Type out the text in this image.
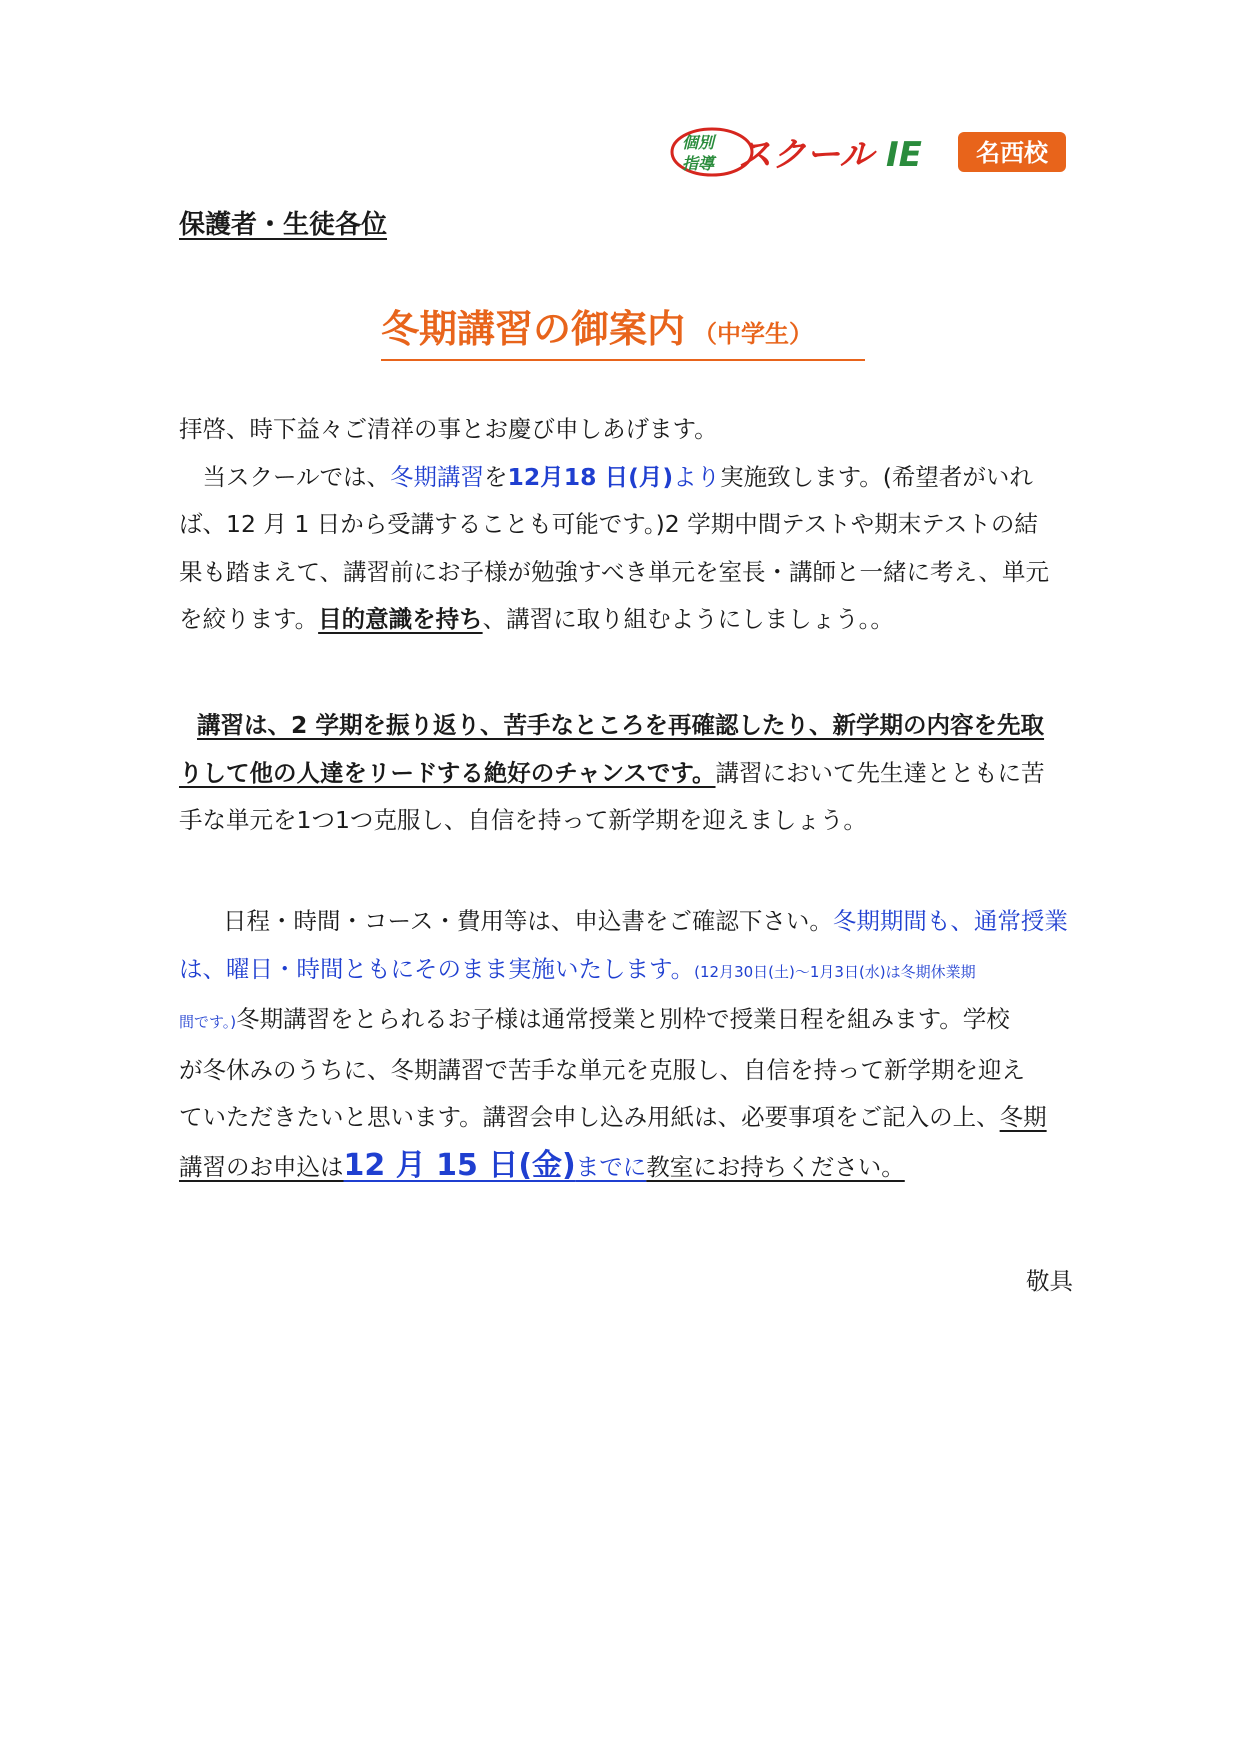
個別
指導 スクール IE 名西校
保護者・生徒各位
冬期講習の御案内 （中学生）
拝啓、時下益々ご清祥の事とお慶び申しあげます。
　当スクールでは、冬期講習を12月18 日(月)より実施致します。(希望者がいれ
ば、12 月 1 日から受講することも可能です。)2 学期中間テストや期末テストの結
果も踏まえて、講習前にお子様が勉強すべき単元を室長・講師と一緒に考え、単元
を絞ります。目的意識を持ち、講習に取り組むようにしましょう。。
講習は、2 学期を振り返り、苦手なところを再確認したり、新学期の内容を先取
りして他の人達をリードする絶好のチャンスです。講習において先生達とともに苦
手な単元を1つ1つ克服し、自信を持って新学期を迎えましょう。
日程・時間・コース・費用等は、申込書をご確認下さい。冬期期間も、通常授業
は、曜日・時間ともにそのまま実施いたします。(12月30日(土)～1月3日(水)は冬期休業期
間です。)冬期講習をとられるお子様は通常授業と別枠で授業日程を組みます。学校
が冬休みのうちに、冬期講習で苦手な単元を克服し、自信を持って新学期を迎え
ていただきたいと思います。講習会申し込み用紙は、必要事項をご記入の上、冬期
講習のお申込は12 月 15 日(金)までに教室にお持ちください。
敬具
